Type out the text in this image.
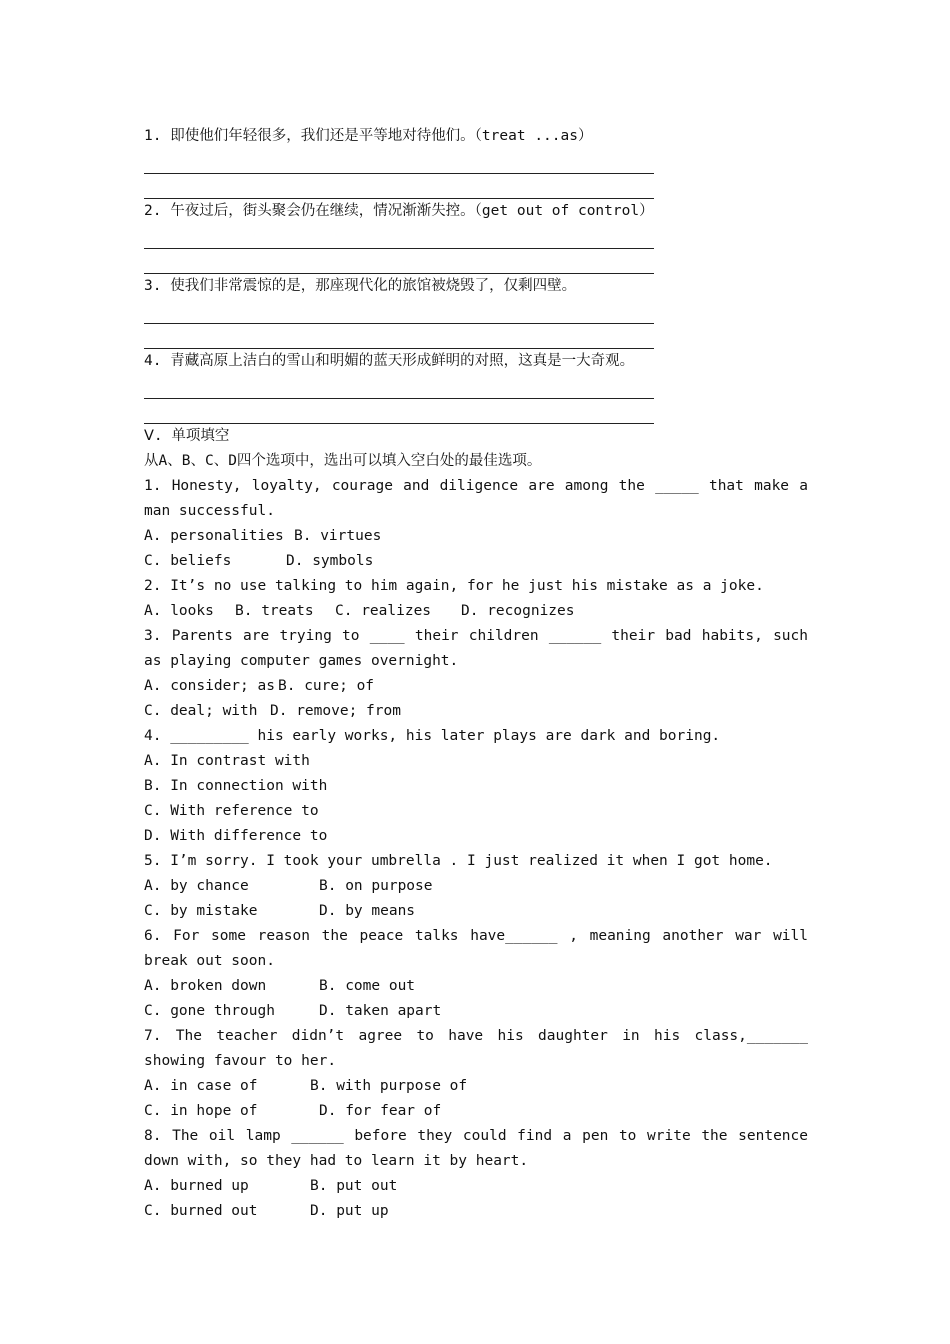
1. 即使他们年轻很多，我们还是平等地对待他们。（treat ...as）
2. 午夜过后，街头聚会仍在继续，情况渐渐失控。（get out of control）
3. 使我们非常震惊的是，那座现代化的旅馆被烧毁了，仅剩四壁。
4. 青藏高原上洁白的雪山和明媚的蓝天形成鲜明的对照，这真是一大奇观。
Ⅴ. 单项填空
从A、B、C、D四个选项中，选出可以填入空白处的最佳选项。
1. Honesty, loyalty, courage and diligence are among the _____ that make a man successful.
A. personalities B. virtues
C. beliefs	D. symbols
2. It’s no use talking to him again, for he just his mistake as a joke.
A. looks	B. treats	C. realizes	D. recognizes
3. Parents are trying to ____ their children ______ their bad habits, such as playing computer games overnight.
A. consider; as B. cure; of
C. deal; with D. remove; from
4. _________ his early works, his later plays are dark and boring.
A. In contrast with
B. In connection with
C. With reference to
D. With difference to
5. I’m sorry. I took your umbrella . I just realized it when I got home.
A. by chance	B. on purpose
C. by mistake	D. by means
6. For some reason the peace talks have______ , meaning another war will break out soon.
A. broken down	B. come out
C. gone through	D. taken apart
7. The teacher didn’t agree to have his daughter in his class,_______ showing favour to her.
A. in case of	B. with purpose of
C. in hope of	D. for fear of
8. The oil lamp ______ before they could find a pen to write the sentence down with, so they had to learn it by heart.
A. burned up	B. put out
C. burned out	D. put up
